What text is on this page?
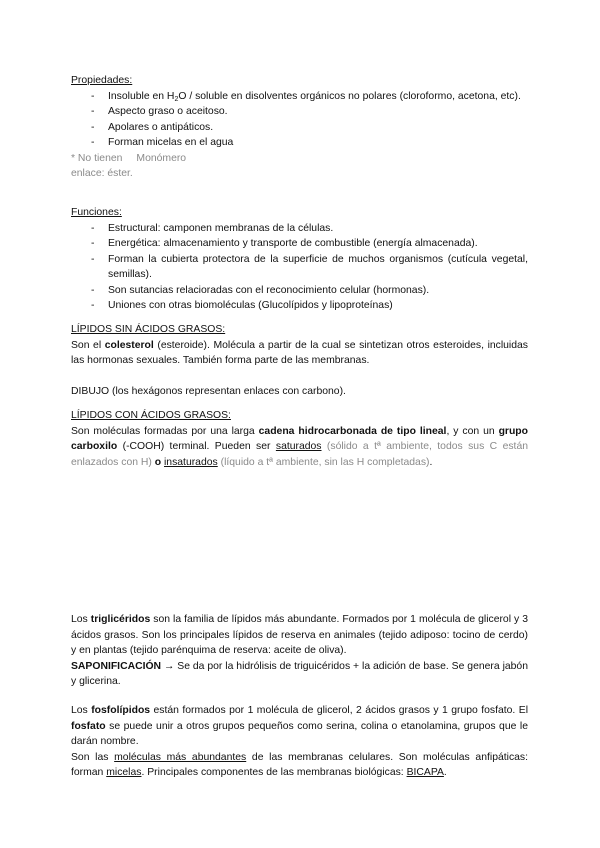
Propiedades:
- Insoluble en $H_2O$ / soluble en disolventes orgánicos no polares (cloroformo, acetona, etc).
- Aspecto graso o aceitoso.
- Apolares o antipáticos.
- Forman micelas en el agua
* No tienen Monómero
enlace: éster.
Funciones:
- Estructural: camponen membranas de la células.
- Energética: almacenamiento y transporte de combustible (energía almacenada).
- Forman la cubierta protectora de la superficie de muchos organismos (cutícula vegetal, semillas).
- Son sutancias relacioradas con el reconocimiento celular (hormonas).
- Uniones con otras biomoléculas (Glucolípidos y lipoproteínas)
LÍPIDOS SIN ÁCIDOS GRASOS:
Son el colesterol (esteroide). Molécula a partir de la cual se sintetizan otros esteroides, incluidas las hormonas sexuales. También forma parte de las membranas.
DIBUJO (los hexágonos representan enlaces con carbono).
LÍPIDOS CON ÁCIDOS GRASOS:
Son moléculas formadas por una larga cadena hidrocarbonada de tipo lineal, y con un grupo carboxilo (-COOH) terminal. Pueden ser saturados (sólido a tª ambiente, todos sus C están enlazados con H) o insaturados (líquido a tª ambiente, sin las H completadas).
Los triglicéridos son la familia de lípidos más abundante. Formados por 1 molécula de glicerol y 3 ácidos grasos. Son los principales lípidos de reserva en animales (tejido adiposo: tocino de cerdo) y en plantas (tejido parénquima de reserva: aceite de oliva).
SAPONIFICACIÓN → Se da por la hidrólisis de triguicéridos + la adición de base. Se genera jabón y glicerina.
Los fosfolípidos están formados por 1 molécula de glicerol, 2 ácidos grasos y 1 grupo fosfato. El fosfato se puede unir a otros grupos pequeños como serina, colina o etanolamina, grupos que le darán nombre.
Son las moléculas más abundantes de las membranas celulares. Son moléculas anfipáticas: forman micelas. Principales componentes de las membranas biológicas: BICAPA.
